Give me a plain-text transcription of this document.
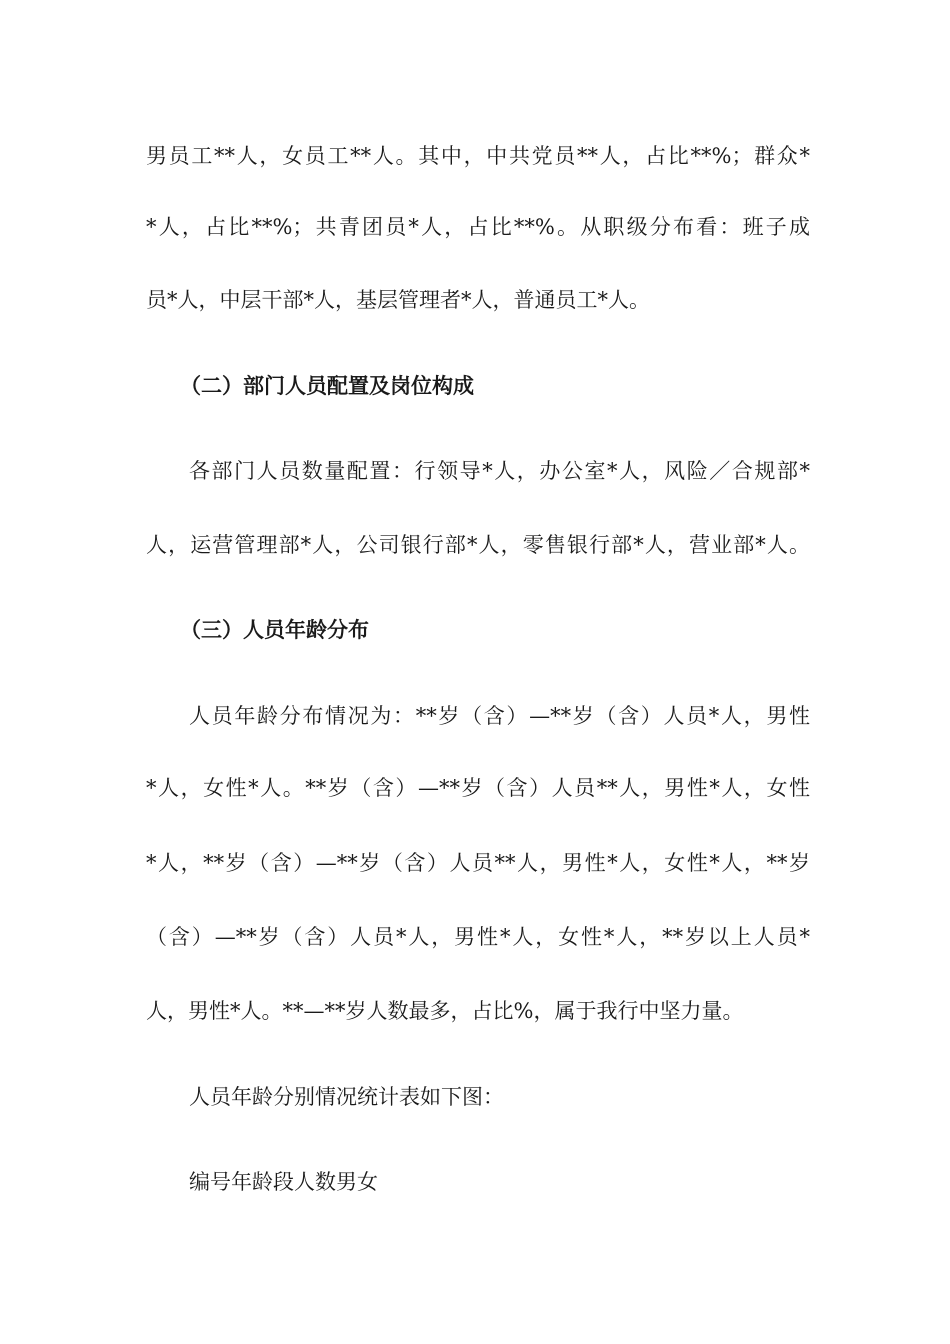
男员工**人，女员工**人。其中，中共党员**人，占比**%；群众*
*人，占比**%；共青团员*人，占比**%。从职级分布看：班子成
员*人，中层干部*人，基层管理者*人，普通员工*人。
（二）部门人员配置及岗位构成
各部门人员数量配置：行领导*人，办公室*人，风险／合规部*
人，运营管理部*人，公司银行部*人，零售银行部*人，营业部*人。
（三）人员年龄分布
人员年龄分布情况为：**岁（含）—**岁（含）人员*人，男性
*人，女性*人。**岁（含）—**岁（含）人员**人，男性*人，女性
*人，**岁（含）—**岁（含）人员**人，男性*人，女性*人，**岁
（含）—**岁（含）人员*人，男性*人，女性*人，**岁以上人员*
人，男性*人。**—**岁人数最多，占比%，属于我行中坚力量。
人员年龄分别情况统计表如下图：
编号年龄段人数男女
